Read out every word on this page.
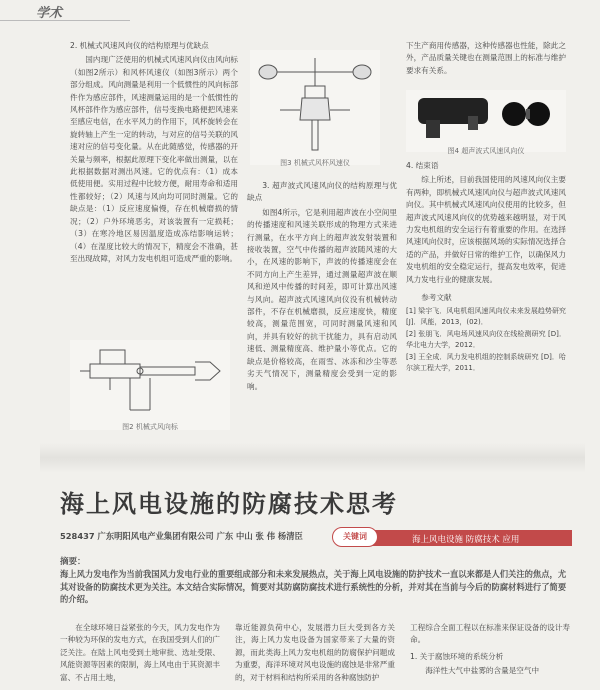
学术

2. 机械式风速风向仪的结构原理与优缺点

国内现广泛使用的机械式风速风向仪由风向标（如图2所示）和风杯风速仪（如图3所示）两个部分组成。风向测量是利用一个低惯性的风向标部件作为感应部件，风速测量运用的是一个低惯性的风杯部件作为感应部件，信号变换电路便把风速来至感应电信，在水平风力的作用下，风杯旋转会在旋转轴上产生一定的转动，与对应的信号关联的风速对应的信号变化量。从在此随感觉，传感器的开关量与频率，根据此原理下变化率做出测量，以在此根据数据对测出风速。它的优点有：（1）成本低使用便。实用过程中比较方便，耐用寿命和适用性都较好；（2）风速与风向均可同时测量。它的缺点是：（1）反应速度偏慢，存在机械磨损的情况；（2）户外环境恶劣，对该装置有一定损耗；（3）在寒冷地区易因温度造成冻结影响运转；（4）在湿度比较大的情况下，精度会不准确，甚至出现故障，对风力发电机组可造成严重的影响。

图2 机械式风向标
图3 机械式风杯风速仪

3. 超声波式风速风向仪的结构原理与优缺点

如图4所示，它是利用超声波在小空间里的传播速度和风速关联形成的物理方式来进行测量，在水平方向上的超声波发射装置和接收装置，空气中传播的超声波随风速的大小，在风速的影响下，声波的传播速度会在不同方向上产生差异，通过测量超声波在顺风和逆风中传播的时间差，即可计算出风速与风向。超声波式风速风向仪没有机械转动部件，不存在机械磨损，反应速度快，精度较高，测量范围宽，可同时测量风速和风向，并具有较好的抗干扰能力，具有启动风速低、测量精度高、维护量小等优点。它的缺点是价格较高，在雨雪、冰冻和沙尘等恶劣天气情况下，测量精度会受到一定的影响。

下生产商用传感器，这种传感器也性能，除此之外，产品质量关键也在测量范围上的标准与维护要求有关系。

图4 超声波式风速风向仪

4. 结束语

综上所述，目前我国使用的风速风向仪主要有两种，即机械式风速风向仪与超声波式风速风向仪。其中机械式风速风向仪使用的比较多，但超声波式风速风向仪的优势越来越明显，对于风力发电机组的安全运行有着重要的作用。在选择风速风向仪时，应该根据风场的实际情况选择合适的产品，并做好日常的维护工作，以确保风力发电机组的安全稳定运行，提高发电效率，促进风力发电行业的健康发展。

参考文献

[1] 梁宇飞．风电机组风速风向仪未来发展趋势研究 [J]．风能，2013，(02)．

[2] 张朋飞．风电场风速风向仪在线检测研究 [D]．华北电力大学，2012．

[3] 王全成．风力发电机组的控制系统研究 [D]．哈尔滨工程大学，2011．

海上风电设施的防腐技术思考
528437 广东明阳风电产业集团有限公司 广东 中山 张 伟 杨清臣	海上风电设施 防腐技术 应用
关键词
摘要：
海上风力发电作为当前我国风力发电行业的重要组成部分和未来发展热点，关于海上风电设施的防护技术一直以来都是人们关注的焦点，尤其对设备的防腐技术更为关注。本文结合实际情况，简要对其防腐防腐技术进行系统性的分析，并对其在当前与今后的防腐材料进行了简要的介绍。

在全球环境日益紧张的今天，风力发电作为一种较为环保的发电方式，在我国受到人们的广泛关注。在陆上风电受到土地审批、选址受限、风能资源等因素的限制，海上风电由于其资源丰富、不占用土地，

靠近能源负荷中心，发展潜力巨大受到各方关注，海上风力发电设备为国家带来了大量的资源，而此类海上风力发电机组的防腐保护问题成为重要，海洋环境对风电设施的腐蚀是非常严重的，对于材料和结构所采用的各种腐蚀防护

工程综合全面工程以在标准来保证设备的设计寿命。

1. 关于腐蚀环境的系统分析

海洋性大气中盐雾的含量是空气中
